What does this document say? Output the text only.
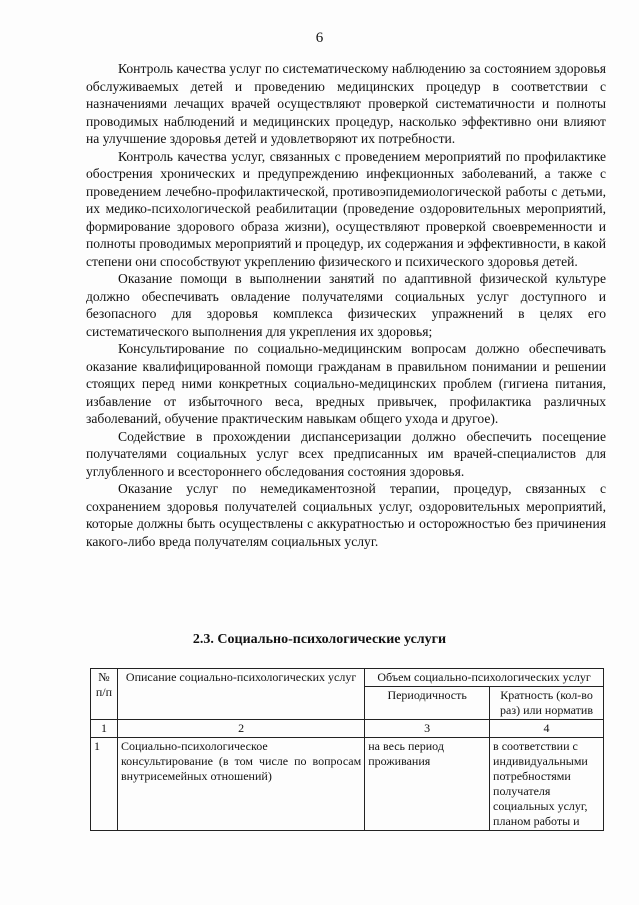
6

Контроль качества услуг по систематическому наблюдению за состоянием здоровья обслуживаемых детей и проведению медицинских процедур в соответствии с назначениями лечащих врачей осуществляют проверкой систематичности и полноты проводимых наблюдений и медицинских процедур, насколько эффективно они влияют на улучшение здоровья детей и удовлетворяют их потребности.

Контроль качества услуг, связанных с проведением мероприятий по профилактике обострения хронических и предупреждению инфекционных заболеваний, а также с проведением лечебно-профилактической, противоэпидемиологической работы с детьми, их медико-психологической реабилитации (проведение оздоровительных мероприятий, формирование здорового образа жизни), осуществляют проверкой своевременности и полноты проводимых мероприятий и процедур, их содержания и эффективности, в какой степени они способствуют укреплению физического и психического здоровья детей.

Оказание помощи в выполнении занятий по адаптивной физической культуре должно обеспечивать овладение получателями социальных услуг доступного и безопасного для здоровья комплекса физических упражнений в целях его систематического выполнения для укрепления их здоровья;

Консультирование по социально-медицинским вопросам должно обеспечивать оказание квалифицированной помощи гражданам в правильном понимании и решении стоящих перед ними конкретных социально-медицинских проблем (гигиена питания, избавление от избыточного веса, вредных привычек, профилактика различных заболеваний, обучение практическим навыкам общего ухода и другое).

Содействие в прохождении диспансеризации должно обеспечить посещение получателями социальных услуг всех предписанных им врачей-специалистов для углубленного и всестороннего обследования состояния здоровья.

Оказание услуг по немедикаментозной терапии, процедур, связанных с сохранением здоровья получателей социальных услуг, оздоровительных мероприятий, которые должны быть осуществлены с аккуратностью и осторожностью без причинения какого-либо вреда получателям социальных услуг.

2.3. Социально-психологические услуги
№ п/п	Описание социально-психологических услуг	Объем социально-психологических услуг	
		Периодичность	Кратность (кол-во раз) или норматив
1	2	3	4
1	Социально-психологическое консультирование (в том числе по вопросам внутрисемейных отношений)	на весь период проживания	в соответствии с индивидуальными потребностями получателя социальных услуг, планом работы и
